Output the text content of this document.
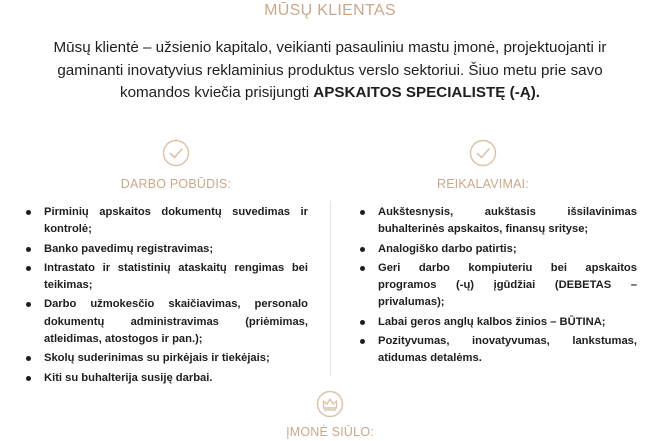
MŪSŲ KLIENTAS
Mūsų klientė – užsienio kapitalo, veikianti pasauliniu mastu įmonė, projektuojanti ir
gaminanti inovatyvius reklaminius produktus verslo sektoriui. Šiuo metu prie savo
komandos kviečia prisijungti APSKAITOS SPECIALISTĘ (-Ą).
DARBO POBŪDIS:
Pirminių apskaitos dokumentų suvedimas ir kontrolė;
Banko pavedimų registravimas;
Intrastato ir statistinių ataskaitų rengimas bei teikimas;
Darbo užmokesčio skaičiavimas, personalo dokumentų administravimas (priėmimas, atleidimas, atostogos ir pan.);
Skolų suderinimas su pirkėjais ir tiekėjais;
Kiti su buhalterija susiję darbai.
REIKALAVIMAI:
Aukštesnysis, aukštasis išsilavinimas buhalterinės apskaitos, finansų srityse;
Analogiško darbo patirtis;
Geri darbo kompiuteriu bei apskaitos programos (-ų) įgūdžiai (DEBETAS – privalumas);
Labai geros anglų kalbos žinios – BŪTINA;
Pozityvumas, inovatyvumas, lankstumas, atidumas detalėms.
ĮMONĖ SIŪLO:
